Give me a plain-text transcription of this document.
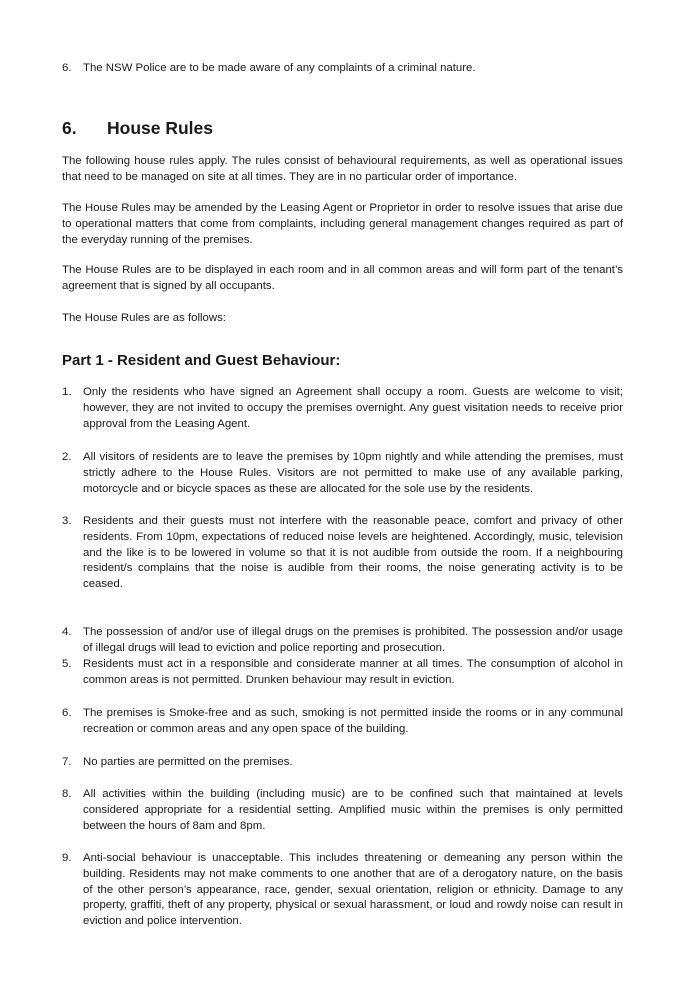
6.	The NSW Police are to be made aware of any complaints of a criminal nature.
6. House Rules
The following house rules apply. The rules consist of behavioural requirements, as well as operational issues that need to be managed on site at all times. They are in no particular order of importance.
The House Rules may be amended by the Leasing Agent or Proprietor in order to resolve issues that arise due to operational matters that come from complaints, including general management changes required as part of the everyday running of the premises.
The House Rules are to be displayed in each room and in all common areas and will form part of the tenant’s agreement that is signed by all occupants.
The House Rules are as follows:
Part 1 - Resident and Guest Behaviour:
1.	Only the residents who have signed an Agreement shall occupy a room. Guests are welcome to visit; however, they are not invited to occupy the premises overnight. Any guest visitation needs to receive prior approval from the Leasing Agent.
2.	All visitors of residents are to leave the premises by 10pm nightly and while attending the premises, must strictly adhere to the House Rules. Visitors are not permitted to make use of any available parking, motorcycle and or bicycle spaces as these are allocated for the sole use by the residents.
3.	Residents and their guests must not interfere with the reasonable peace, comfort and privacy of other residents. From 10pm, expectations of reduced noise levels are heightened. Accordingly, music, television and the like is to be lowered in volume so that it is not audible from outside the room. If a neighbouring resident/s complains that the noise is audible from their rooms, the noise generating activity is to be ceased.
4.	The possession of and/or use of illegal drugs on the premises is prohibited. The possession and/or usage of illegal drugs will lead to eviction and police reporting and prosecution.
5.	Residents must act in a responsible and considerate manner at all times. The consumption of alcohol in common areas is not permitted. Drunken behaviour may result in eviction.
6.	The premises is Smoke-free and as such, smoking is not permitted inside the rooms or in any communal recreation or common areas and any open space of the building.
7.	No parties are permitted on the premises.
8.	All activities within the building (including music) are to be confined such that maintained at levels considered appropriate for a residential setting. Amplified music within the premises is only permitted between the hours of 8am and 8pm.
9.	Anti-social behaviour is unacceptable. This includes threatening or demeaning any person within the building. Residents may not make comments to one another that are of a derogatory nature, on the basis of the other person’s appearance, race, gender, sexual orientation, religion or ethnicity. Damage to any property, graffiti, theft of any property, physical or sexual harassment, or loud and rowdy noise can result in eviction and police intervention.
